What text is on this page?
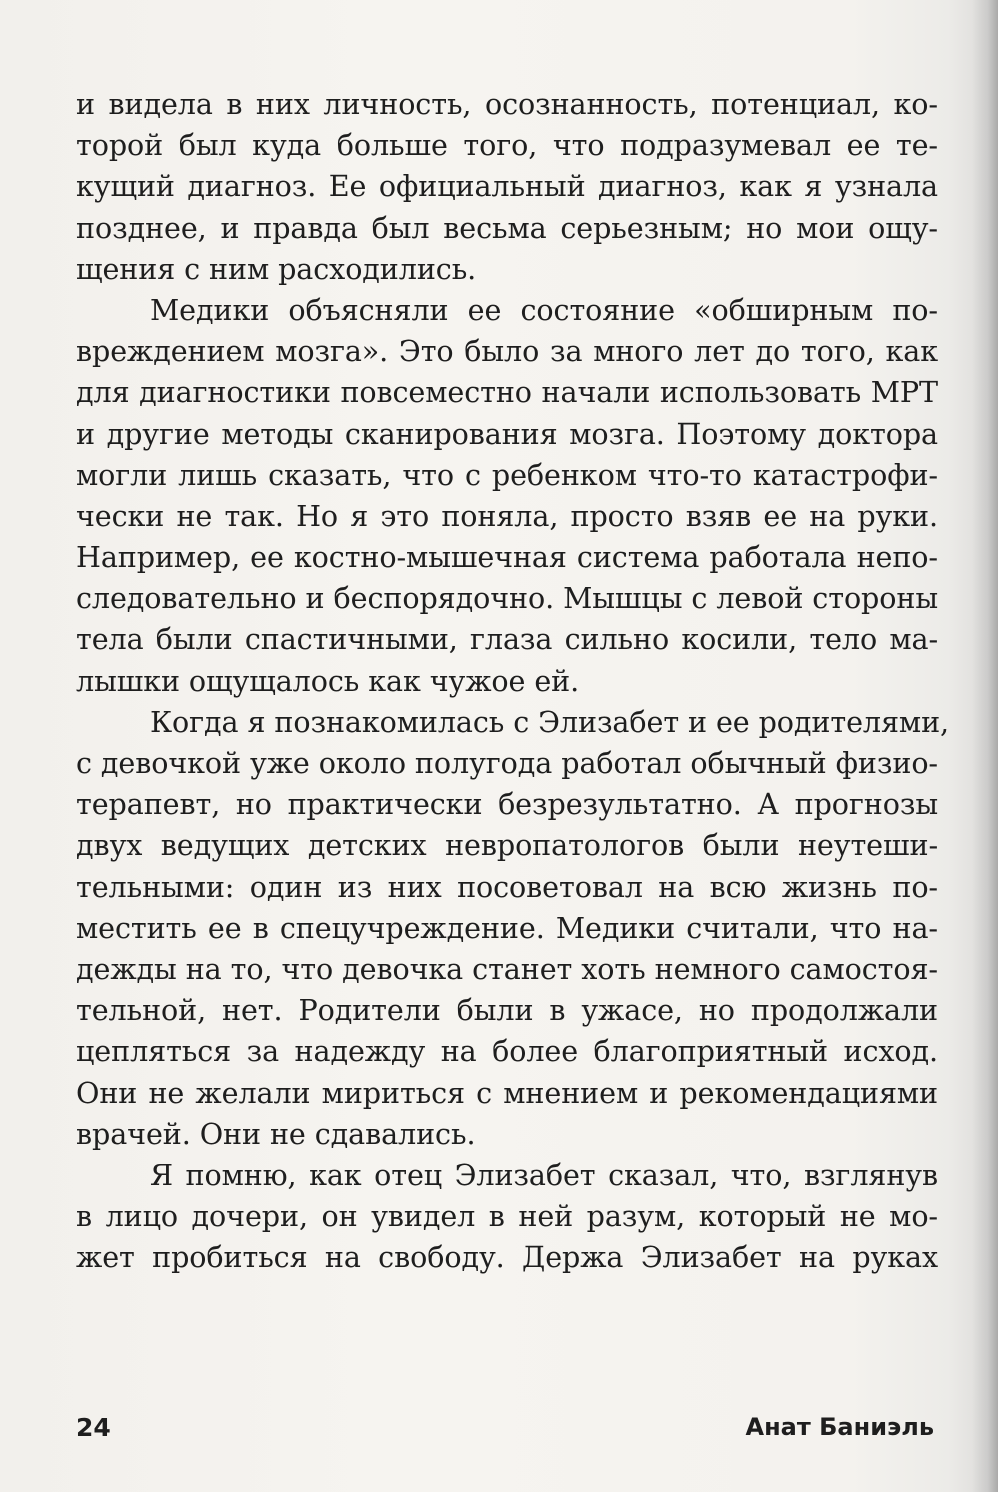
и видела в них личность, осознанность, потенциал, ко-
торой был куда больше того, что подразумевал ее те-
кущий диагноз. Ее официальный диагноз, как я узнала
позднее, и правда был весьма серьезным; но мои ощу-
щения с ним расходились.
Медики объясняли ее состояние «обширным по-
вреждением мозга». Это было за много лет до того, как
для диагностики повсеместно начали использовать МРТ
и другие методы сканирования мозга. Поэтому доктора
могли лишь сказать, что с ребенком что-то катастрофи-
чески не так. Но я это поняла, просто взяв ее на руки.
Например, ее костно-мышечная система работала непо-
следовательно и беспорядочно. Мышцы с левой стороны
тела были спастичными, глаза сильно косили, тело ма-
лышки ощущалось как чужое ей.
Когда я познакомилась с Элизабет и ее родителями,
с девочкой уже около полугода работал обычный физио-
терапевт, но практически безрезультатно. А прогнозы
двух ведущих детских невропатологов были неутеши-
тельными: один из них посоветовал на всю жизнь по-
местить ее в спецучреждение. Медики считали, что на-
дежды на то, что девочка станет хоть немного самостоя-
тельной, нет. Родители были в ужасе, но продолжали
цепляться за надежду на более благоприятный исход.
Они не желали мириться с мнением и рекомендациями
врачей. Они не сдавались.
Я помню, как отец Элизабет сказал, что, взглянув
в лицо дочери, он увидел в ней разум, который не мо-
жет пробиться на свободу. Держа Элизабет на руках
24	Анат Баниэль
